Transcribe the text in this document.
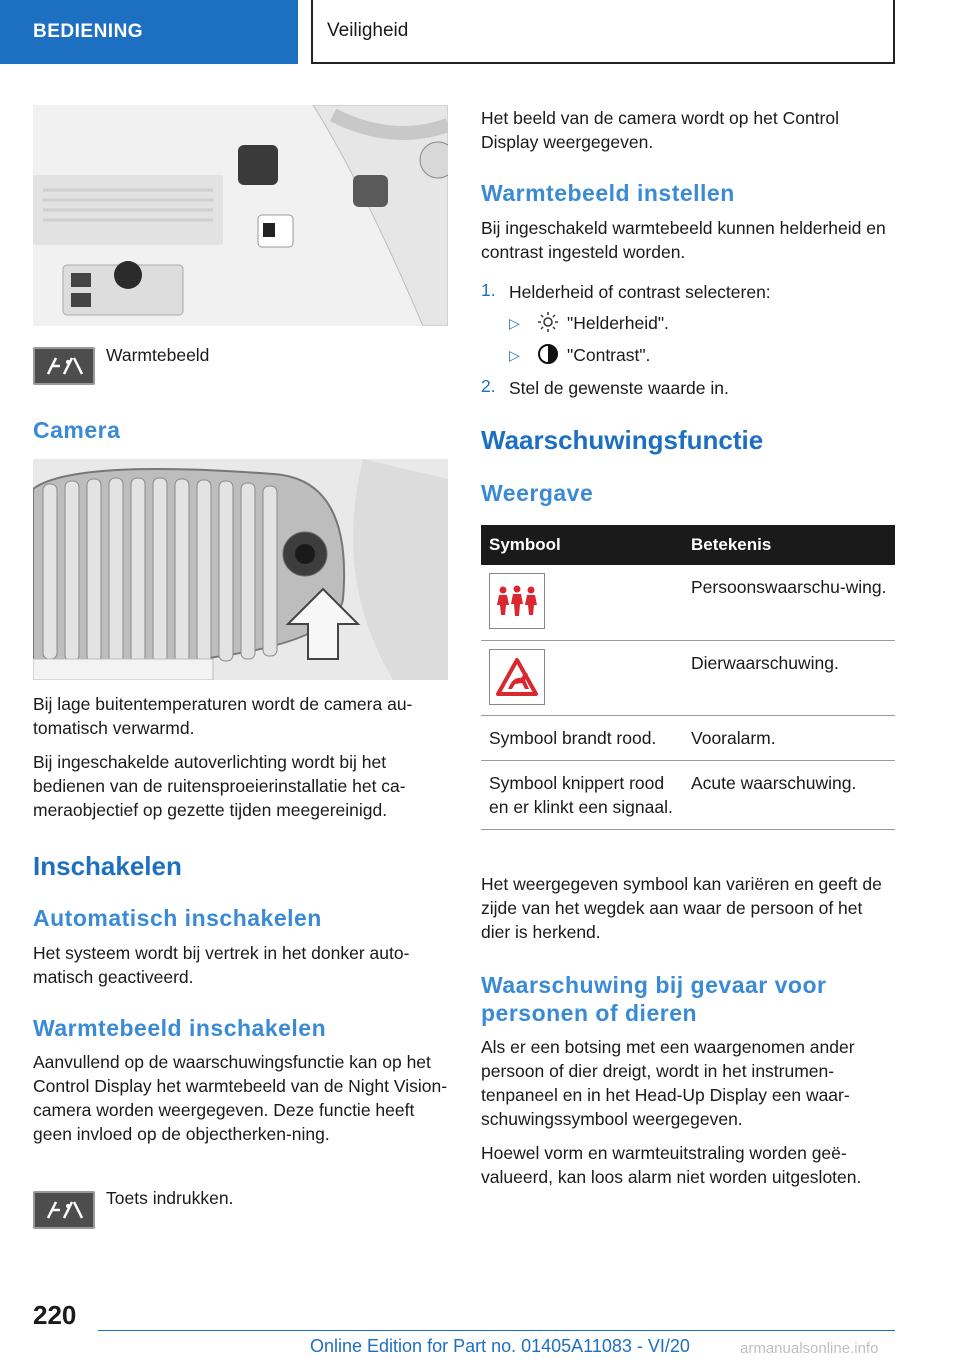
BEDIENING	Veiligheid

Warmtebeeld

Camera

Bij lage buitentemperaturen wordt de camera au-tomatisch verwarmd.

Bij ingeschakelde autoverlichting wordt bij het bedienen van de ruitensproeierinstallatie het ca-meraobjectief op gezette tijden meegereinigd.

Inschakelen
Automatisch inschakelen

Het systeem wordt bij vertrek in het donker auto-matisch geactiveerd.

Warmtebeeld inschakelen

Aanvullend op de waarschuwingsfunctie kan op het Control Display het warmtebeeld van de Night Vision-camera worden weergegeven. Deze functie heeft geen invloed op de objectherken-ning.

Toets indrukken.

Het beeld van de camera wordt op het Control Display weergegeven.

Warmtebeeld instellen

Bij ingeschakeld warmtebeeld kunnen helderheid en contrast ingesteld worden.

1. Helderheid of contrast selecteren:

▷	"Helderheid".

▷	"Contrast".

2. Stel de gewenste waarde in.

Waarschuwingsfunctie
Weergave
Symbool	Betekenis

	Persoonswaarschu-wing.

	Dierwaarschuwing.
Symbool brandt rood.	Vooralarm.
Symbool knippert rood en er klinkt een signaal.	Acute waarschuwing.

Het weergegeven symbool kan variëren en geeft de zijde van het wegdek aan waar de persoon of het dier is herkend.

Waarschuwing bij gevaar voor personen of dieren

Als er een botsing met een waargenomen ander persoon of dier dreigt, wordt in het instrumen-tenpaneel en in het Head-Up Display een waar-schuwingssymbool weergegeven.

Hoewel vorm en warmteuitstraling worden geë-valueerd, kan loos alarm niet worden uitgesloten.

220
Online Edition for Part no. 01405A11083 - VI/20	armanualsonline.info
